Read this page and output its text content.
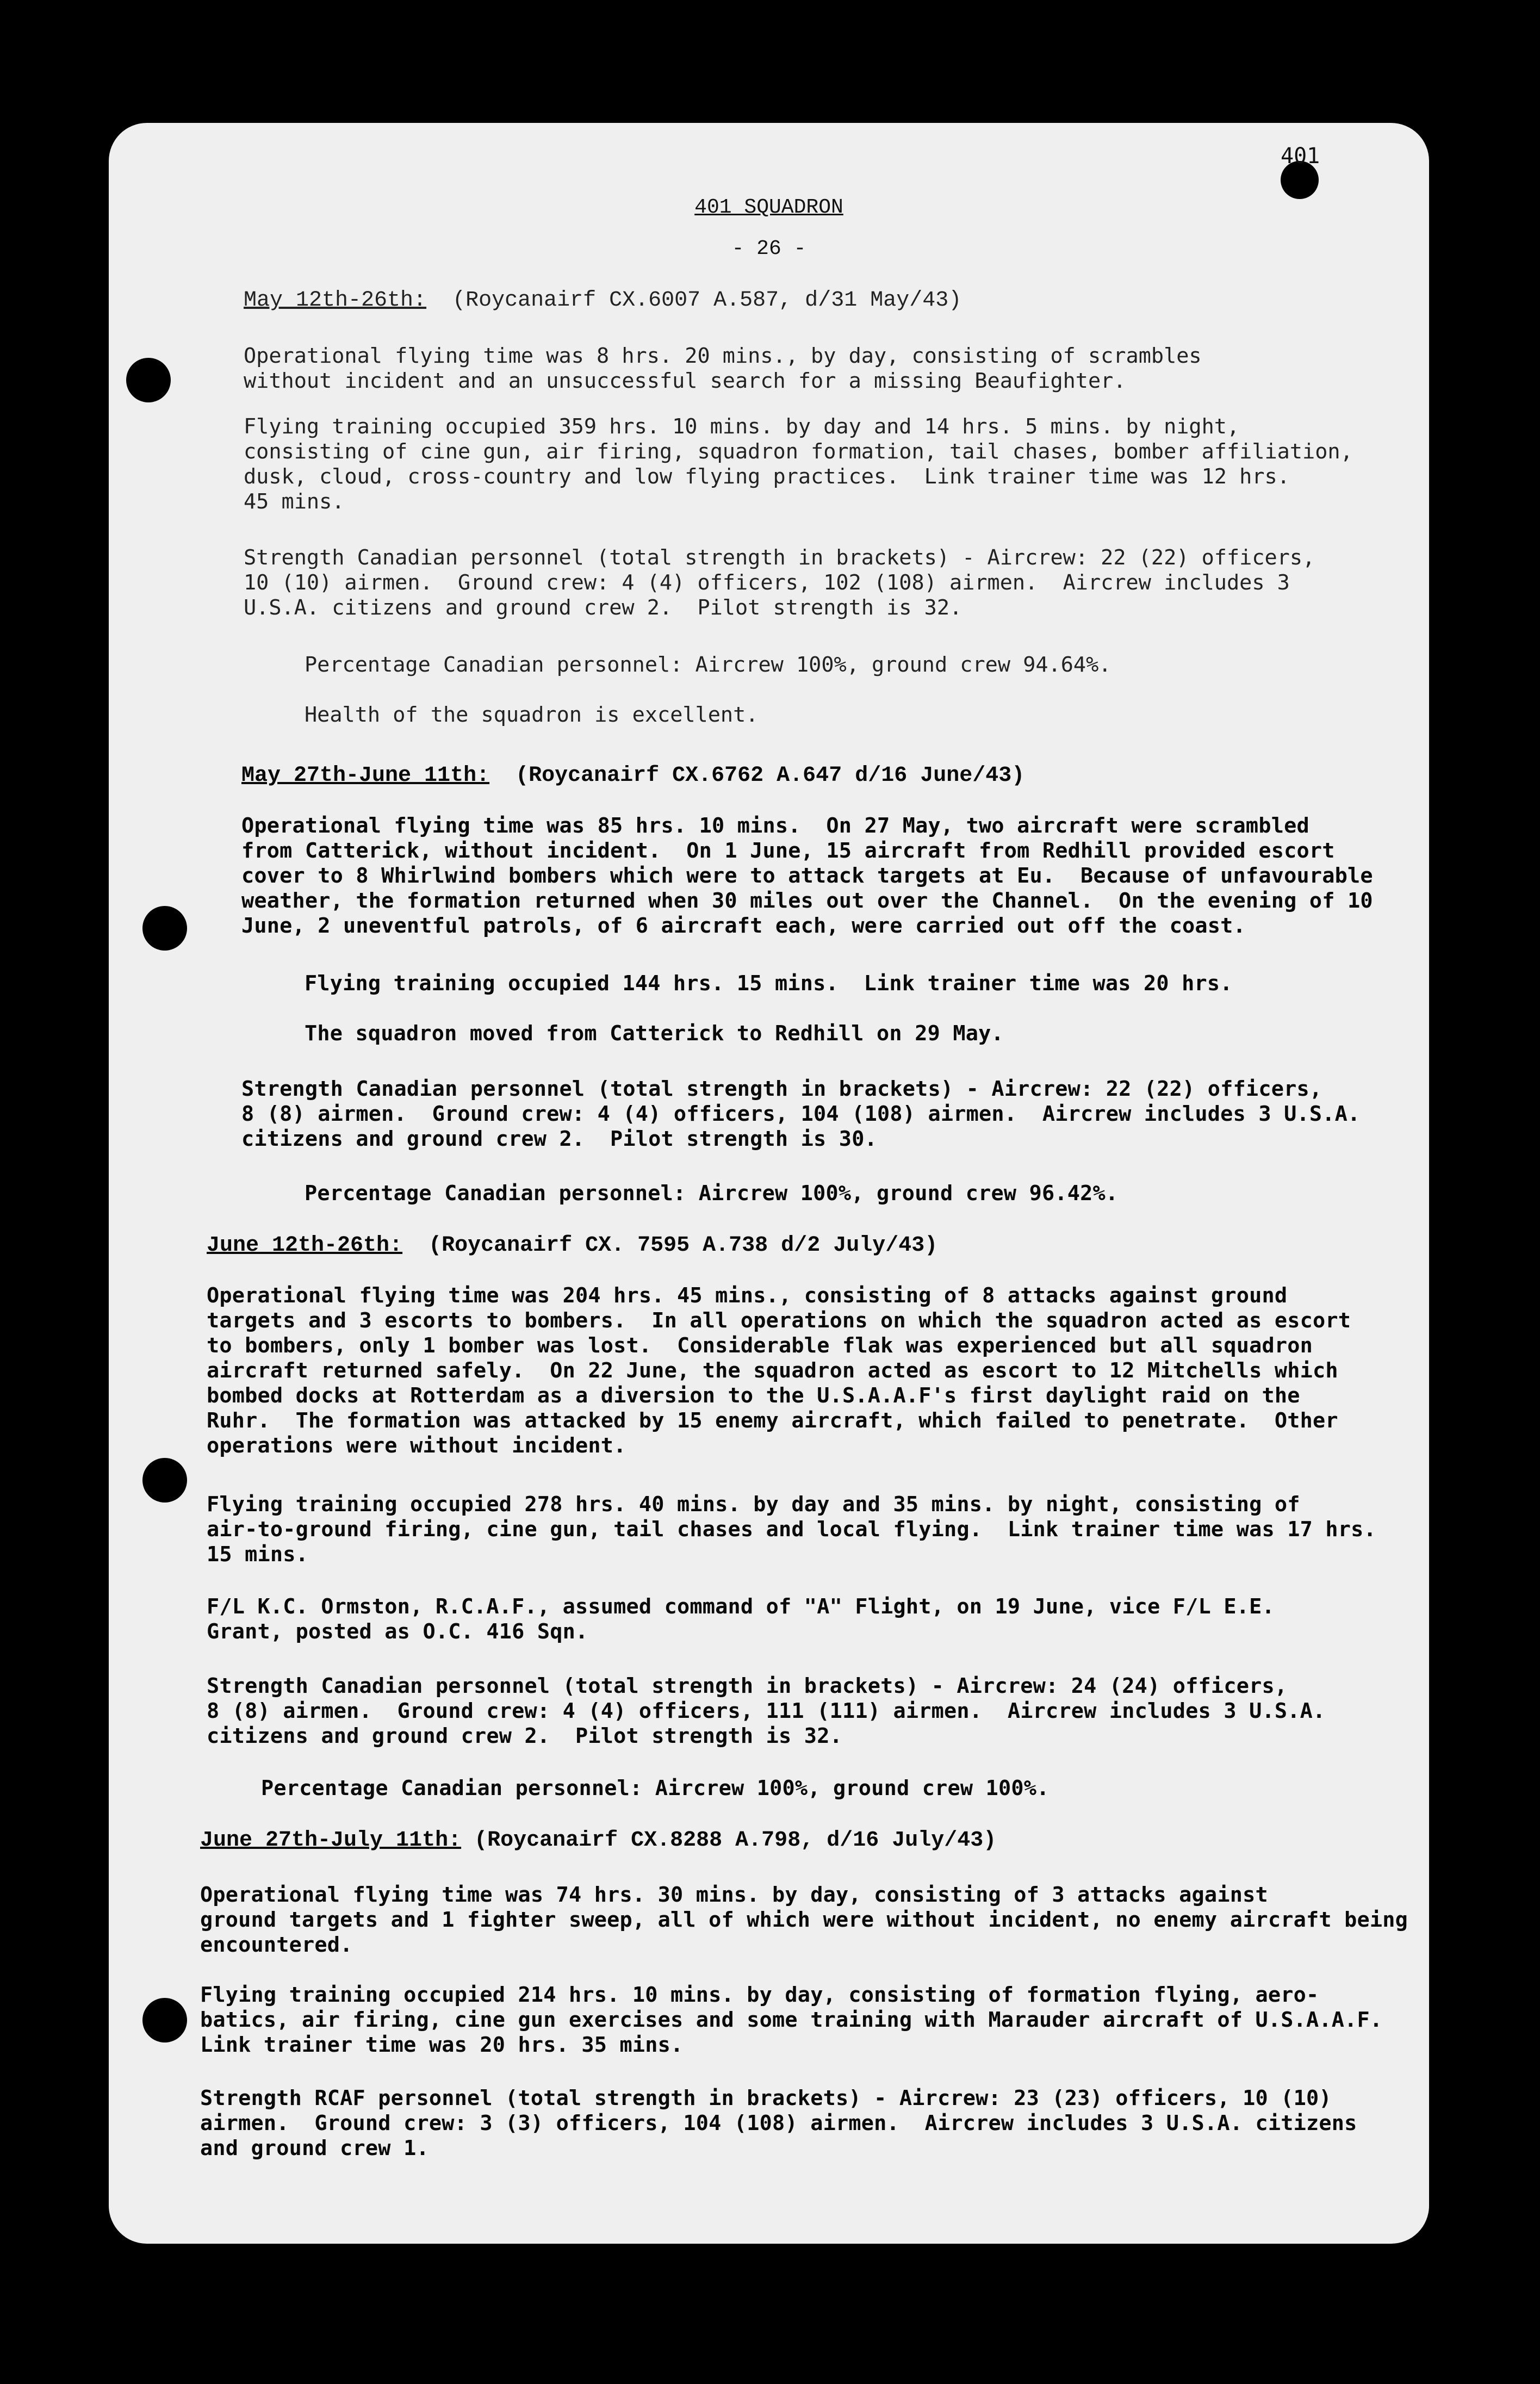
401
401 SQUADRON
- 26 -
May 12th-26th: (Roycanairf CX.6007 A.587, d/31 May/43)
Operational flying time was 8 hrs. 20 mins., by day, consisting of scrambles
without incident and an unsuccessful search for a missing Beaufighter.
Flying training occupied 359 hrs. 10 mins. by day and 14 hrs. 5 mins. by night,
consisting of cine gun, air firing, squadron formation, tail chases, bomber affiliation,
dusk, cloud, cross-country and low flying practices.  Link trainer time was 12 hrs.
45 mins.
Strength Canadian personnel (total strength in brackets) - Aircrew: 22 (22) officers,
10 (10) airmen.  Ground crew: 4 (4) officers, 102 (108) airmen.  Aircrew includes 3
U.S.A. citizens and ground crew 2.  Pilot strength is 32.
Percentage Canadian personnel: Aircrew 100%, ground crew 94.64%.
Health of the squadron is excellent.
May 27th-June 11th: (Roycanairf CX.6762 A.647 d/16 June/43)
Operational flying time was 85 hrs. 10 mins.  On 27 May, two aircraft were scrambled
from Catterick, without incident.  On 1 June, 15 aircraft from Redhill provided escort
cover to 8 Whirlwind bombers which were to attack targets at Eu.  Because of unfavourable
weather, the formation returned when 30 miles out over the Channel.  On the evening of 10
June, 2 uneventful patrols, of 6 aircraft each, were carried out off the coast.
Flying training occupied 144 hrs. 15 mins.  Link trainer time was 20 hrs.
The squadron moved from Catterick to Redhill on 29 May.
Strength Canadian personnel (total strength in brackets) - Aircrew: 22 (22) officers,
8 (8) airmen.  Ground crew: 4 (4) officers, 104 (108) airmen.  Aircrew includes 3 U.S.A.
citizens and ground crew 2.  Pilot strength is 30.
Percentage Canadian personnel: Aircrew 100%, ground crew 96.42%.
June 12th-26th: (Roycanairf CX. 7595 A.738 d/2 July/43)
Operational flying time was 204 hrs. 45 mins., consisting of 8 attacks against ground
targets and 3 escorts to bombers.  In all operations on which the squadron acted as escort
to bombers, only 1 bomber was lost.  Considerable flak was experienced but all squadron
aircraft returned safely.  On 22 June, the squadron acted as escort to 12 Mitchells which
bombed docks at Rotterdam as a diversion to the U.S.A.A.F's first daylight raid on the
Ruhr.  The formation was attacked by 15 enemy aircraft, which failed to penetrate.  Other
operations were without incident.
Flying training occupied 278 hrs. 40 mins. by day and 35 mins. by night, consisting of
air-to-ground firing, cine gun, tail chases and local flying.  Link trainer time was 17 hrs.
15 mins.
F/L K.C. Ormston, R.C.A.F., assumed command of "A" Flight, on 19 June, vice F/L E.E.
Grant, posted as O.C. 416 Sqn.
Strength Canadian personnel (total strength in brackets) - Aircrew: 24 (24) officers,
8 (8) airmen.  Ground crew: 4 (4) officers, 111 (111) airmen.  Aircrew includes 3 U.S.A.
citizens and ground crew 2.  Pilot strength is 32.
Percentage Canadian personnel: Aircrew 100%, ground crew 100%.
June 27th-July 11th: (Roycanairf CX.8288 A.798, d/16 July/43)
Operational flying time was 74 hrs. 30 mins. by day, consisting of 3 attacks against
ground targets and 1 fighter sweep, all of which were without incident, no enemy aircraft being
encountered.
Flying training occupied 214 hrs. 10 mins. by day, consisting of formation flying, aero-
batics, air firing, cine gun exercises and some training with Marauder aircraft of U.S.A.A.F.
Link trainer time was 20 hrs. 35 mins.
Strength RCAF personnel (total strength in brackets) - Aircrew: 23 (23) officers, 10 (10)
airmen.  Ground crew: 3 (3) officers, 104 (108) airmen.  Aircrew includes 3 U.S.A. citizens
and ground crew 1.
